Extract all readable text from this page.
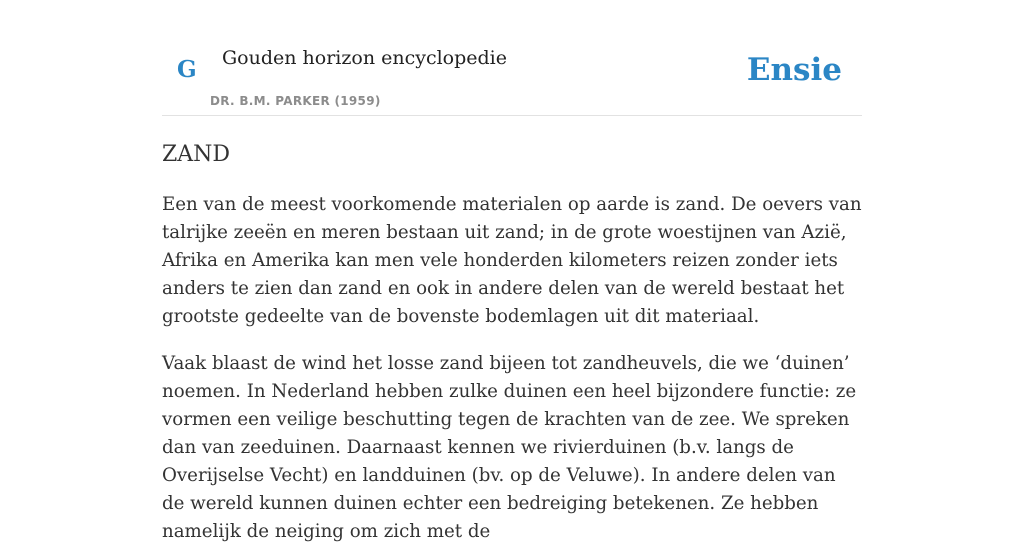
G Gouden horizon encyclopedie
DR. B.M. PARKER (1959)
Ensie
ZAND

Een van de meest voorkomende materialen op aarde is zand. De oevers van talrijke zeeën en meren bestaan uit zand; in de grote woestijnen van Azië, Afrika en Amerika kan men vele honderden kilometers reizen zonder iets anders te zien dan zand en ook in andere delen van de wereld bestaat het grootste gedeelte van de bovenste bodemlagen uit dit materiaal.

Vaak blaast de wind het losse zand bijeen tot zandheuvels, die we ‘duinen’ noemen. In Nederland hebben zulke duinen een heel bijzondere functie: ze vormen een veilige beschutting tegen de krachten van de zee. We spreken dan van zeeduinen. Daarnaast kennen we rivierduinen (b.v. langs de Overijselse Vecht) en landduinen (bv. op de Veluwe). In andere delen van de wereld kunnen duinen echter een bedreiging betekenen. Ze hebben namelijk de neiging om zich met de
